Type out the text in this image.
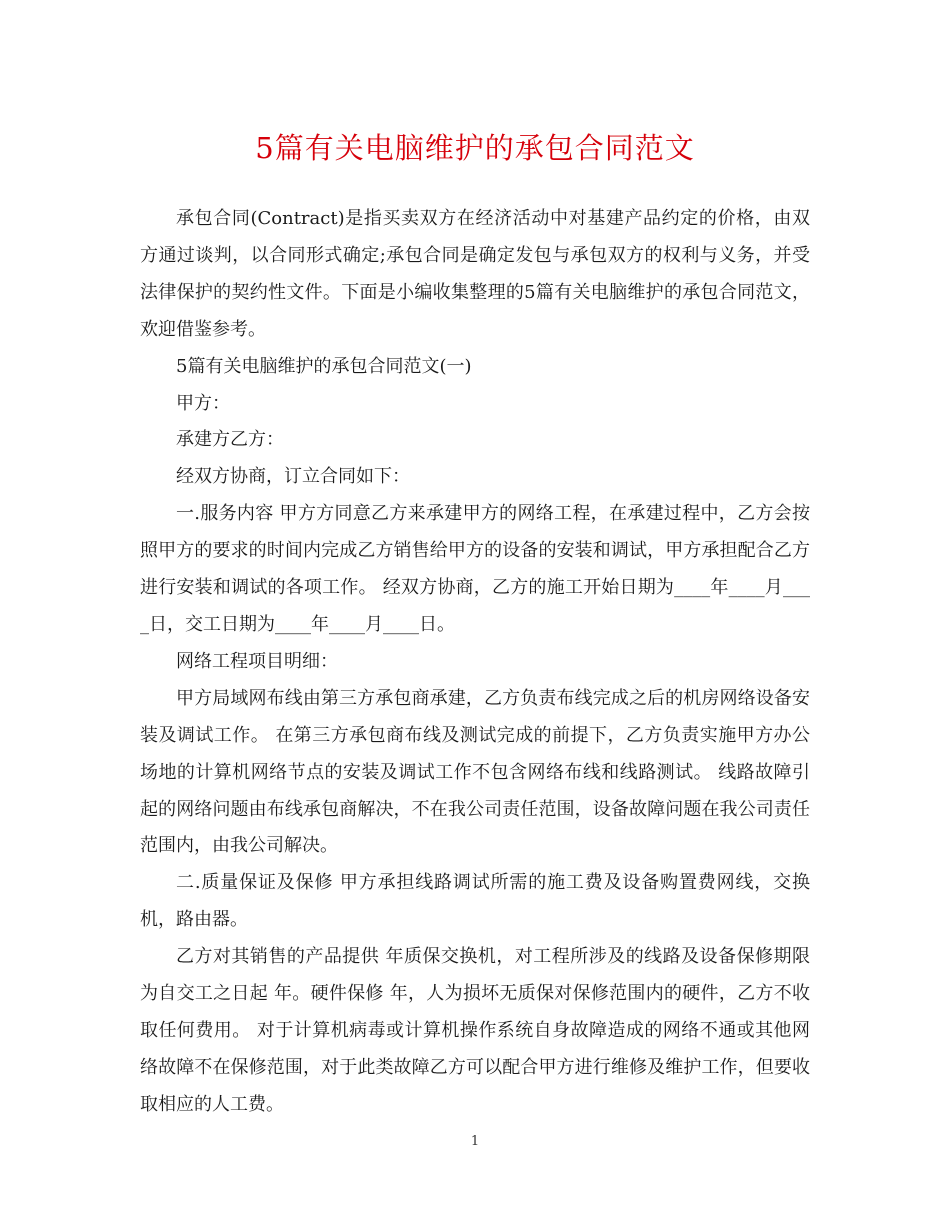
5篇有关电脑维护的承包合同范文

承包合同(Contract)是指买卖双方在经济活动中对基建产品约定的价格，由双方通过谈判，以合同形式确定;承包合同是确定发包与承包双方的权利与义务，并受法律保护的契约性文件。下面是小编收集整理的5篇有关电脑维护的承包合同范文，欢迎借鉴参考。

5篇有关电脑维护的承包合同范文(一)

甲方：

承建方乙方：

经双方协商，订立合同如下：

一.服务内容 甲方方同意乙方来承建甲方的网络工程，在承建过程中，乙方会按照甲方的要求的时间内完成乙方销售给甲方的设备的安装和调试，甲方承担配合乙方进行安装和调试的各项工作。 经双方协商，乙方的施工开始日期为____年____月____日，交工日期为____年____月____日。

网络工程项目明细：

甲方局域网布线由第三方承包商承建，乙方负责布线完成之后的机房网络设备安装及调试工作。 在第三方承包商布线及测试完成的前提下，乙方负责实施甲方办公场地的计算机网络节点的安装及调试工作不包含网络布线和线路测试。 线路故障引起的网络问题由布线承包商解决，不在我公司责任范围，设备故障问题在我公司责任范围内，由我公司解决。

二.质量保证及保修 甲方承担线路调试所需的施工费及设备购置费网线，交换机，路由器。

乙方对其销售的产品提供 年质保交换机，对工程所涉及的线路及设备保修期限为自交工之日起 年。硬件保修 年，人为损坏无质保对保修范围内的硬件，乙方不收取任何费用。 对于计算机病毒或计算机操作系统自身故障造成的网络不通或其他网络故障不在保修范围，对于此类故障乙方可以配合甲方进行维修及维护工作，但要收取相应的人工费。

1
